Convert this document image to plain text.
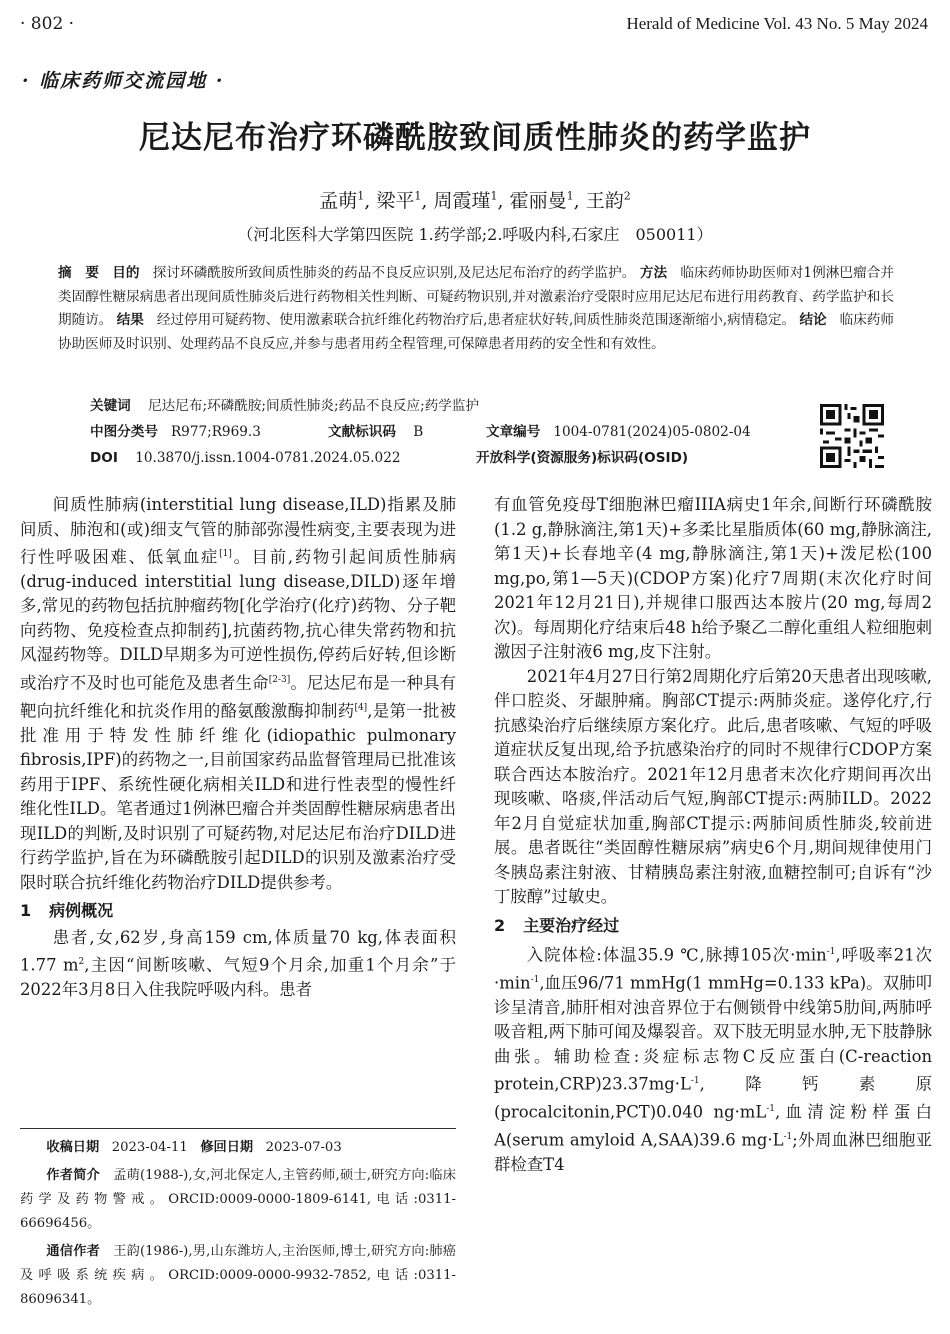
· 802 ·	Herald of Medicine Vol. 43 No. 5 May 2024
· 临床药师交流园地 ·
尼达尼布治疗环磷酰胺致间质性肺炎的药学监护
孟萌$^1$, 梁平$^1$, 周霞瑾$^1$, 霍丽曼$^1$, 王韵$^2$
（河北医科大学第四医院 1.药学部;2.呼吸内科,石家庄　050011）
摘　要 目的 探讨环磷酰胺所致间质性肺炎的药品不良反应识别,及尼达尼布治疗的药学监护。 方法 临床药师协助医师对1例淋巴瘤合并类固醇性糖尿病患者出现间质性肺炎后进行药物相关性判断、可疑药物识别,并对激素治疗受限时应用尼达尼布进行用药教育、药学监护和长期随访。 结果 经过停用可疑药物、使用激素联合抗纤维化药物治疗后,患者症状好转,间质性肺炎范围逐渐缩小,病情稳定。 结论 临床药师协助医师及时识别、处理药品不良反应,并参与患者用药全程管理,可保障患者用药的安全性和有效性。
关键词 尼达尼布;环磷酰胺;间质性肺炎;药品不良反应;药学监护
中图分类号 R977;R969.3	文献标识码 B	文章编号 1004-0781(2024)05-0802-04
DOI 10.3870/j.issn.1004-0781.2024.05.022	开放科学(资源服务)标识码(OSID)

间质性肺病(interstitial lung disease,ILD)指累及肺间质、肺泡和(或)细支气管的肺部弥漫性病变,主要表现为进行性呼吸困难、低氧血症[1]。目前,药物引起间质性肺病(drug-induced interstitial lung disease,DILD)逐年增多,常见的药物包括抗肿瘤药物[化学治疗(化疗)药物、分子靶向药物、免疫检查点抑制药],抗菌药物,抗心律失常药物和抗风湿药物等。DILD早期多为可逆性损伤,停药后好转,但诊断或治疗不及时也可能危及患者生命[2-3]。尼达尼布是一种具有靶向抗纤维化和抗炎作用的酪氨酸激酶抑制药[4],是第一批被批准用于特发性肺纤维化(idiopathic pulmonary fibrosis,IPF)的药物之一,目前国家药品监督管理局已批准该药用于IPF、系统性硬化病相关ILD和进行性表型的慢性纤维化性ILD。笔者通过1例淋巴瘤合并类固醇性糖尿病患者出现ILD的判断,及时识别了可疑药物,对尼达尼布治疗DILD进行药学监护,旨在为环磷酰胺引起DILD的识别及激素治疗受限时联合抗纤维化药物治疗DILD提供参考。

1 病例概况

患者,女,62岁,身高159 cm,体质量70 kg,体表面积1.77 $m^2$,主因“间断咳嗽、气短9个月余,加重1个月余”于2022年3月8日入住我院呼吸内科。患者

收稿日期 2023-04-11 修回日期 2023-07-03

作者简介 孟萌(1988-),女,河北保定人,主管药师,硕士,研究方向:临床药学及药物警戒。ORCID:0009-0000-1809-6141,电话:0311-66696456。

通信作者 王韵(1986-),男,山东潍坊人,主治医师,博士,研究方向:肺癌及呼吸系统疾病。ORCID:0009-0000-9932-7852,电话:0311-86096341。

有血管免疫母T细胞淋巴瘤IIIA病史1年余,间断行环磷酰胺(1.2 g,静脉滴注,第1天)+多柔比星脂质体(60 mg,静脉滴注,第1天)+长春地辛(4 mg,静脉滴注,第1天)+泼尼松(100 mg,po,第1—5天)(CDOP方案)化疗7周期(末次化疗时间2021年12月21日),并规律口服西达本胺片(20 mg,每周2次)。每周期化疗结束后48 h给予聚乙二醇化重组人粒细胞刺激因子注射液6 mg,皮下注射。

2021年4月27日行第2周期化疗后第20天患者出现咳嗽,伴口腔炎、牙龈肿痛。胸部CT提示:两肺炎症。遂停化疗,行抗感染治疗后继续原方案化疗。此后,患者咳嗽、气短的呼吸道症状反复出现,给予抗感染治疗的同时不规律行CDOP方案联合西达本胺治疗。2021年12月患者末次化疗期间再次出现咳嗽、咯痰,伴活动后气短,胸部CT提示:两肺ILD。2022年2月自觉症状加重,胸部CT提示:两肺间质性肺炎,较前进展。患者既往“类固醇性糖尿病”病史6个月,期间规律使用门冬胰岛素注射液、甘精胰岛素注射液,血糖控制可;自诉有“沙丁胺醇”过敏史。

2 主要治疗经过

入院体检:体温35.9 ℃,脉搏105次$\cdot\min^{-1}$,呼吸率21次$\cdot\min^{-1}$,血压96/71 mmHg(1 mmHg=0.133 kPa)。双肺叩诊呈清音,肺肝相对浊音界位于右侧锁骨中线第5肋间,两肺呼吸音粗,两下肺可闻及爆裂音。双下肢无明显水肿,无下肢静脉曲张。辅助检查:炎症标志物C反应蛋白(C-reaction $protein,CRP)23.37mg\cdot L^{-1}$,降钙素原(procalcitonin,PCT)0.040 $ng\cdot mL^{-1}$,血清淀粉样蛋白A(serum amyloid A,SAA)39.6 $mg\cdot L^{-1}$;外周血淋巴细胞亚群检查T4
